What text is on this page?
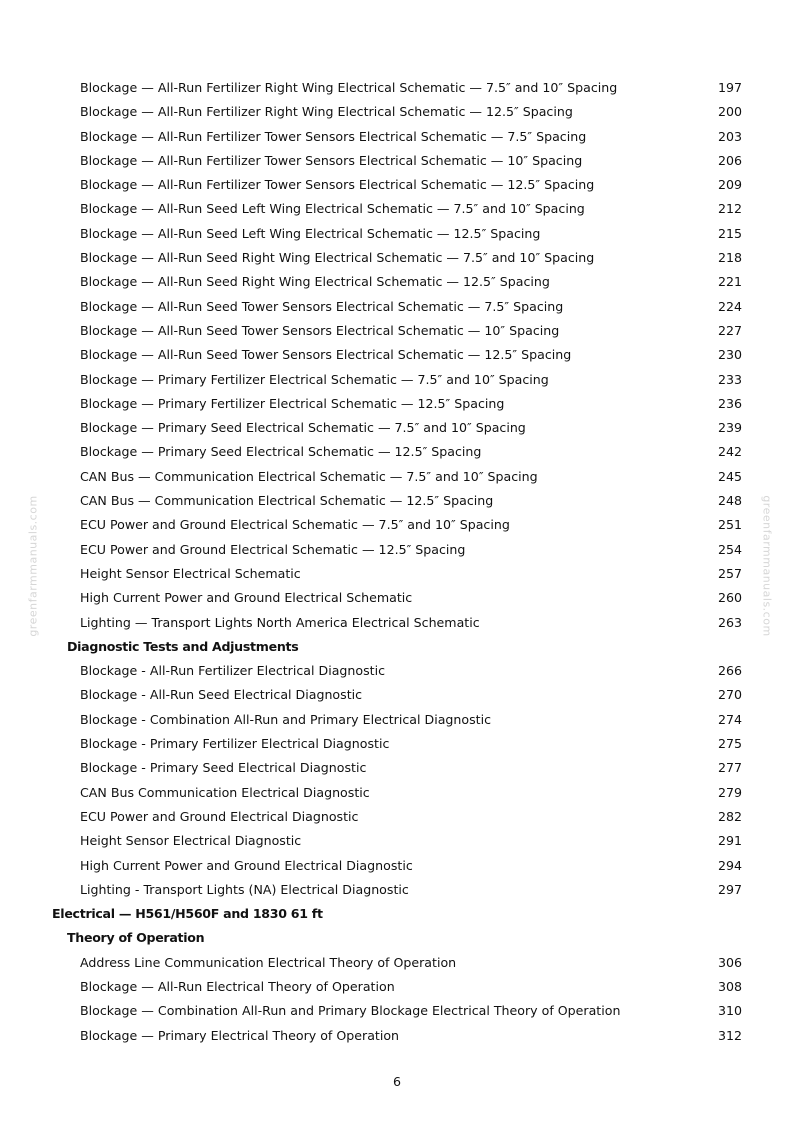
greenfarmmanuals.com	greenfarmmanuals.com
Blockage — All-Run Fertilizer Right Wing Electrical Schematic — 7.5″ and 10″ Spacing	197
Blockage — All-Run Fertilizer Right Wing Electrical Schematic — 12.5″ Spacing	200
Blockage — All-Run Fertilizer Tower Sensors Electrical Schematic — 7.5″ Spacing	203
Blockage — All-Run Fertilizer Tower Sensors Electrical Schematic — 10″ Spacing	206
Blockage — All-Run Fertilizer Tower Sensors Electrical Schematic — 12.5″ Spacing	209
Blockage — All-Run Seed Left Wing Electrical Schematic — 7.5″ and 10″ Spacing	212
Blockage — All-Run Seed Left Wing Electrical Schematic — 12.5″ Spacing	215
Blockage — All-Run Seed Right Wing Electrical Schematic — 7.5″ and 10″ Spacing	218
Blockage — All-Run Seed Right Wing Electrical Schematic — 12.5″ Spacing	221
Blockage — All-Run Seed Tower Sensors Electrical Schematic — 7.5″ Spacing	224
Blockage — All-Run Seed Tower Sensors Electrical Schematic — 10″ Spacing	227
Blockage — All-Run Seed Tower Sensors Electrical Schematic — 12.5″ Spacing	230
Blockage — Primary Fertilizer Electrical Schematic — 7.5″ and 10″ Spacing	233
Blockage — Primary Fertilizer Electrical Schematic — 12.5″ Spacing	236
Blockage — Primary Seed Electrical Schematic — 7.5″ and 10″ Spacing	239
Blockage — Primary Seed Electrical Schematic — 12.5″ Spacing	242
CAN Bus — Communication Electrical Schematic — 7.5″ and 10″ Spacing	245
CAN Bus — Communication Electrical Schematic — 12.5″ Spacing	248
ECU Power and Ground Electrical Schematic — 7.5″ and 10″ Spacing	251
ECU Power and Ground Electrical Schematic — 12.5″ Spacing	254
Height Sensor Electrical Schematic	257
High Current Power and Ground Electrical Schematic	260
Lighting — Transport Lights North America Electrical Schematic	263
Diagnostic Tests and Adjustments
Blockage - All-Run Fertilizer Electrical Diagnostic	266
Blockage - All-Run Seed Electrical Diagnostic	270
Blockage - Combination All-Run and Primary Electrical Diagnostic	274
Blockage - Primary Fertilizer Electrical Diagnostic	275
Blockage - Primary Seed Electrical Diagnostic	277
CAN Bus Communication Electrical Diagnostic	279
ECU Power and Ground Electrical Diagnostic	282
Height Sensor Electrical Diagnostic	291
High Current Power and Ground Electrical Diagnostic	294
Lighting - Transport Lights (NA) Electrical Diagnostic	297
Electrical — H561/H560F and 1830 61 ft
Theory of Operation
Address Line Communication Electrical Theory of Operation	306
Blockage — All-Run Electrical Theory of Operation	308
Blockage — Combination All-Run and Primary Blockage Electrical Theory of Operation	310
Blockage — Primary Electrical Theory of Operation	312
6
